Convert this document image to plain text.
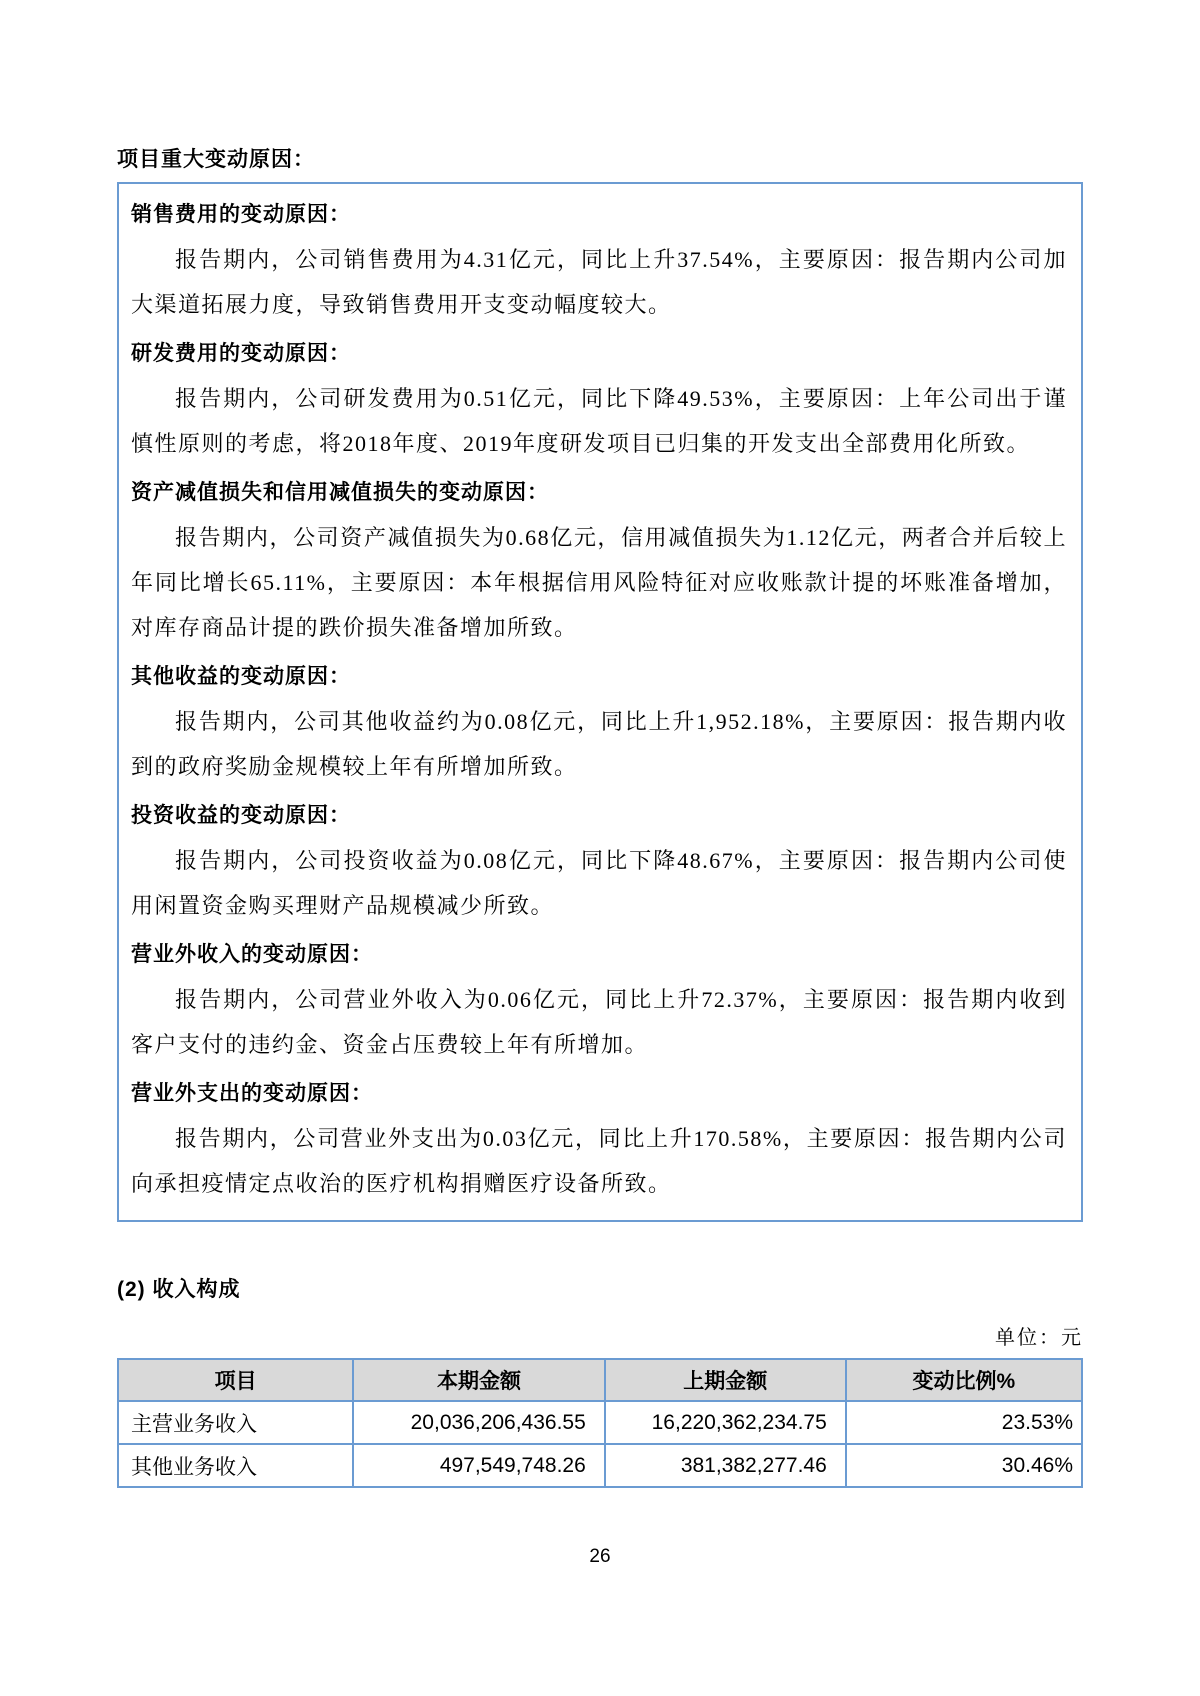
项目重大变动原因：
销售费用的变动原因：

报告期内，公司销售费用为4.31亿元，同比上升37.54%，主要原因：报告期内公司加大渠道拓展力度，导致销售费用开支变动幅度较大。

研发费用的变动原因：

报告期内，公司研发费用为0.51亿元，同比下降49.53%，主要原因：上年公司出于谨慎性原则的考虑，将2018年度、2019年度研发项目已归集的开发支出全部费用化所致。

资产减值损失和信用减值损失的变动原因：

报告期内，公司资产减值损失为0.68亿元，信用减值损失为1.12亿元，两者合并后较上年同比增长65.11%，主要原因：本年根据信用风险特征对应收账款计提的坏账准备增加，对库存商品计提的跌价损失准备增加所致。

其他收益的变动原因：

报告期内，公司其他收益约为0.08亿元，同比上升1,952.18%，主要原因：报告期内收到的政府奖励金规模较上年有所增加所致。

投资收益的变动原因：

报告期内，公司投资收益为0.08亿元，同比下降48.67%，主要原因：报告期内公司使用闲置资金购买理财产品规模减少所致。

营业外收入的变动原因：

报告期内，公司营业外收入为0.06亿元，同比上升72.37%，主要原因：报告期内收到客户支付的违约金、资金占压费较上年有所增加。

营业外支出的变动原因：

报告期内，公司营业外支出为0.03亿元，同比上升170.58%，主要原因：报告期内公司向承担疫情定点收治的医疗机构捐赠医疗设备所致。

(2) 收入构成
单位：元
项目	本期金额	上期金额	变动比例%
主营业务收入	20,036,206,436.55	16,220,362,234.75	23.53%
其他业务收入	497,549,748.26	381,382,277.46	30.46%
26
